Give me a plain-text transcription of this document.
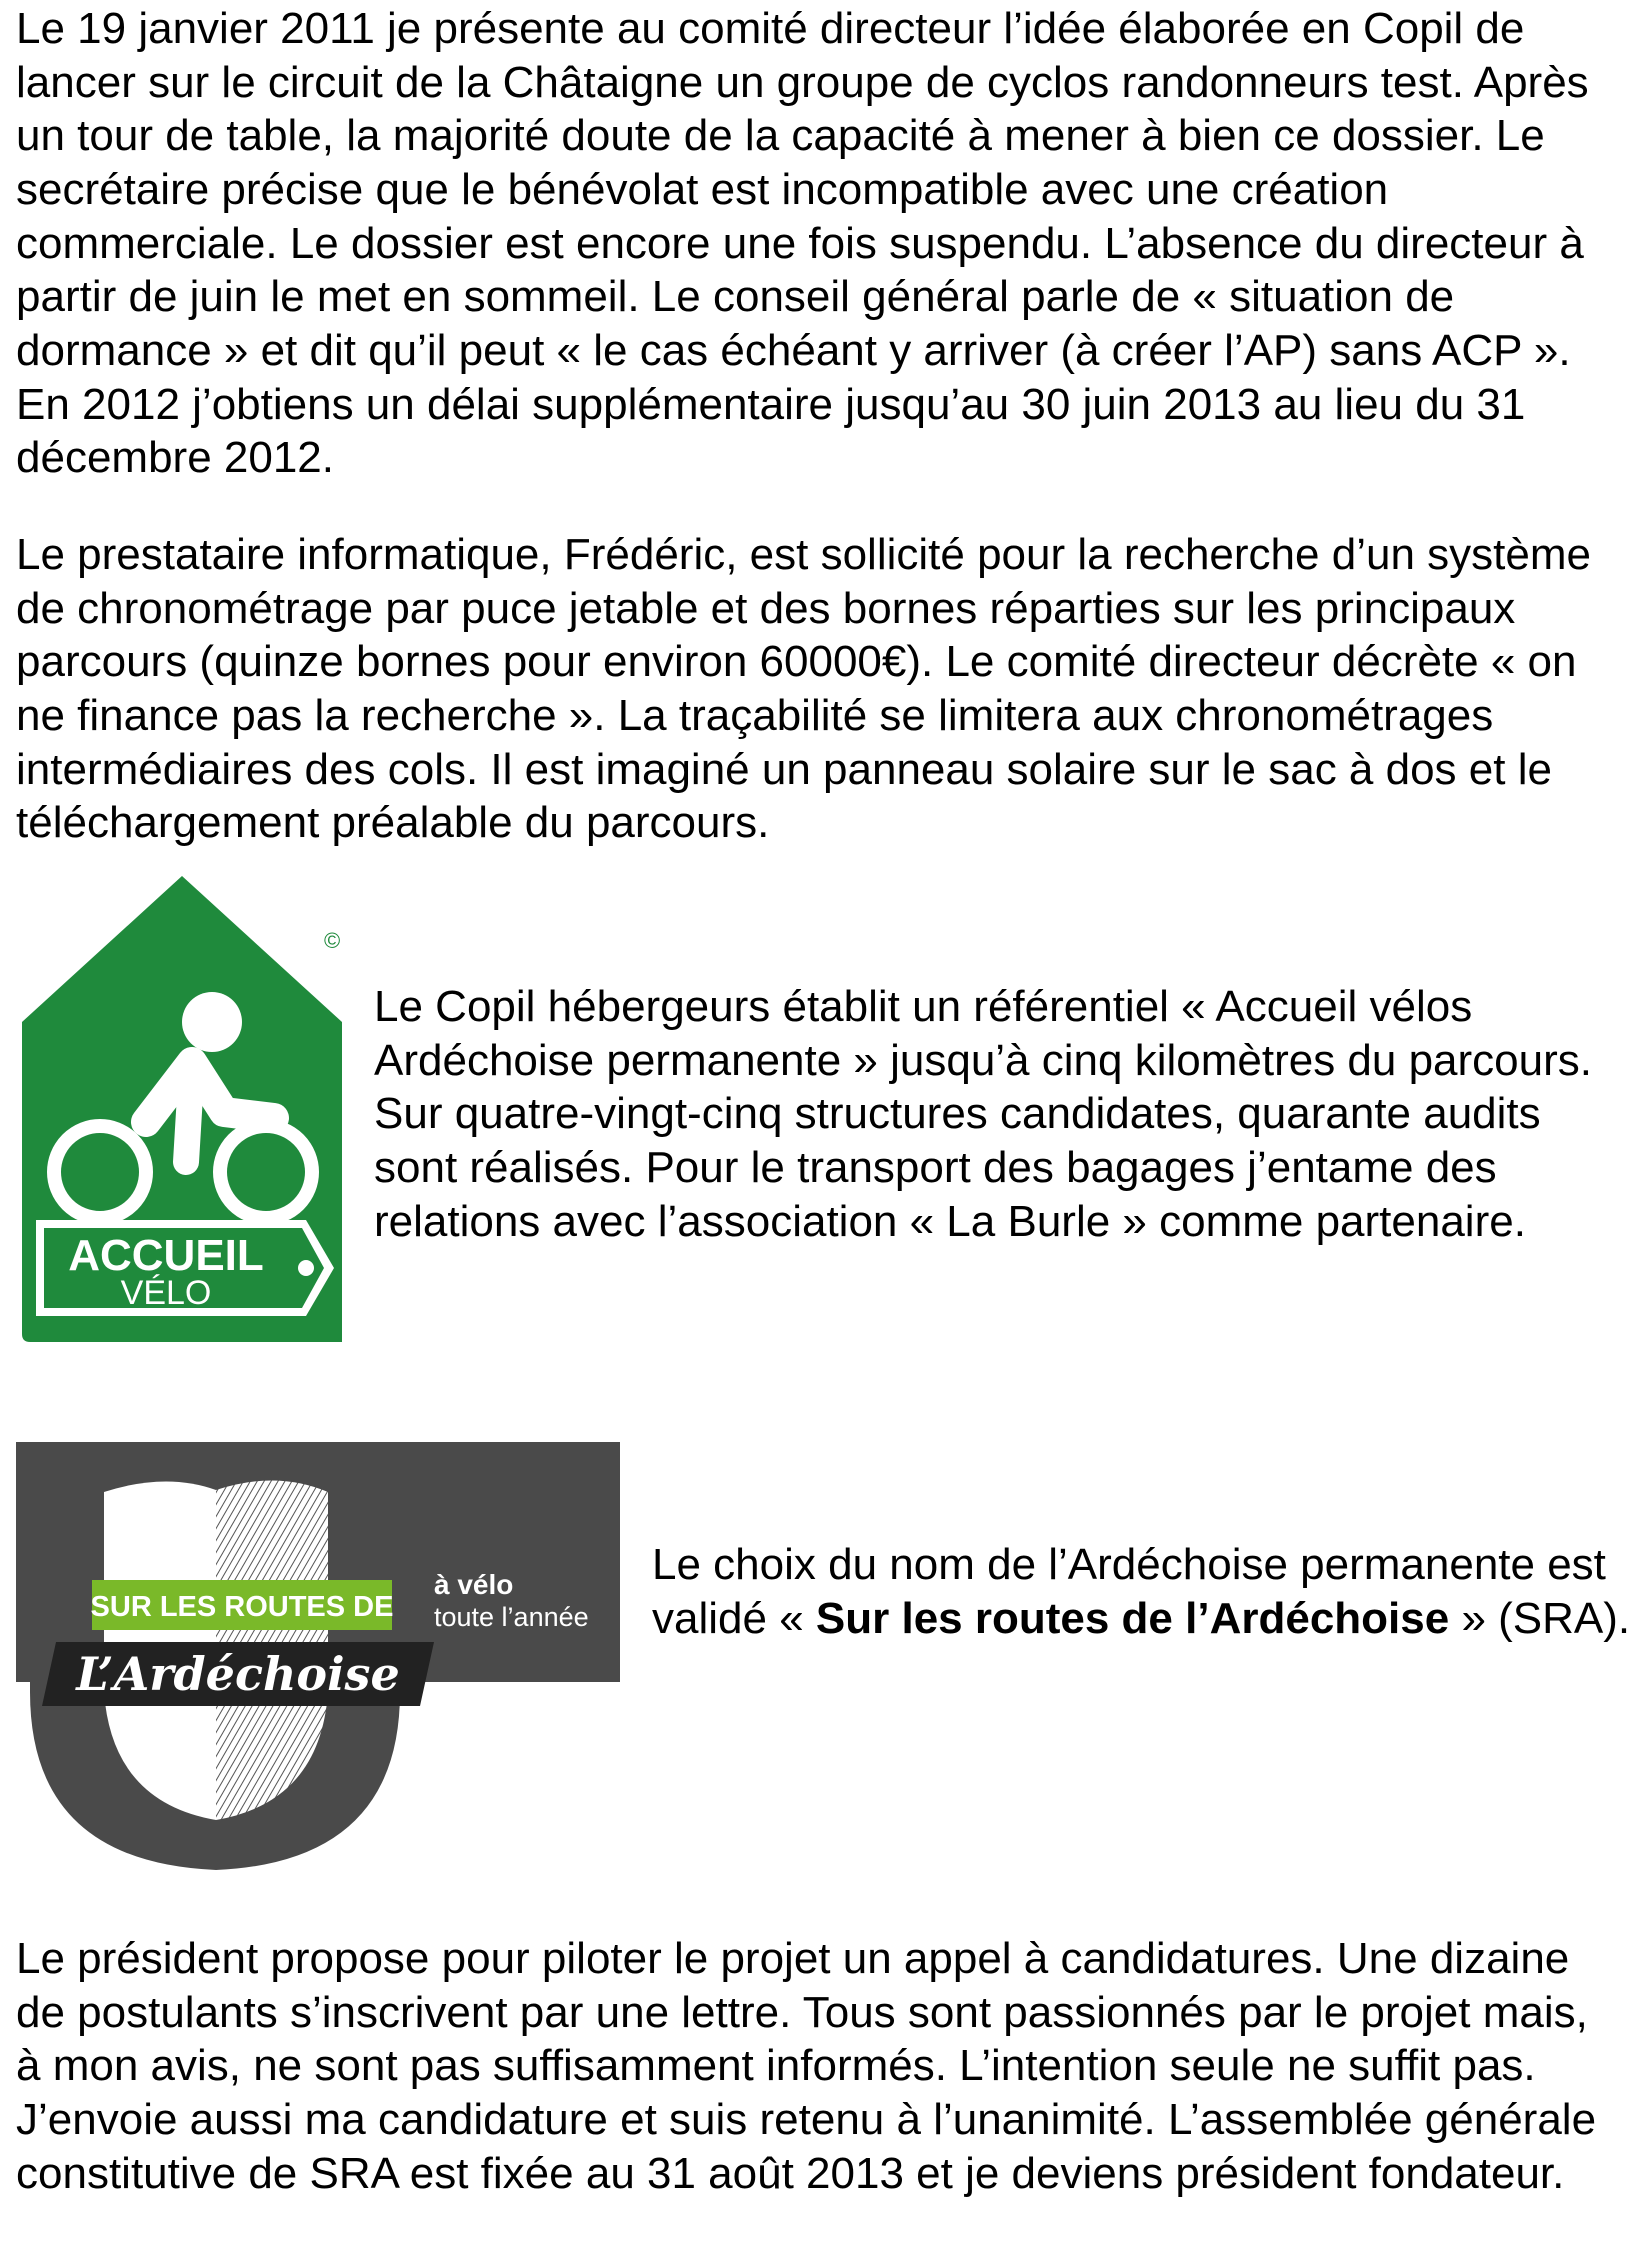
Le 19 janvier 2011 je présente au comité directeur l’idée élaborée en Copil de lancer sur le circuit de la Châtaigne un groupe de cyclos randonneurs test. Après un tour de table, la majorité doute de la capacité à mener à bien ce dossier. Le secrétaire précise que le bénévolat est incompatible avec une création commerciale. Le dossier est encore une fois suspendu. L’absence du directeur à partir de juin le met en sommeil. Le conseil général parle de « situation de dormance » et dit qu’il peut « le cas échéant y arriver (à créer l’AP) sans ACP ». En 2012 j’obtiens un délai supplémentaire jusqu’au 30 juin 2013 au lieu du 31 décembre 2012.

Le prestataire informatique, Frédéric, est sollicité pour la recherche d’un système de chronométrage par puce jetable et des bornes réparties sur les principaux parcours (quinze bornes pour environ 60000€). Le comité directeur décrète « on ne finance pas la recherche ». La traçabilité se limitera aux chronométrages intermédiaires des cols. Il est imaginé un panneau solaire sur le sac à dos et le téléchargement préalable du parcours.

©
ACCUEIL
VÉLO

Le Copil hébergeurs établit un référentiel « Accueil vélos Ardéchoise permanente » jusqu’à cinq kilomètres du parcours. Sur quatre-vingt-cinq structures candidates, quarante audits sont réalisés. Pour le transport des bagages j’entame des relations avec l’association « La Burle » comme partenaire.

SUR LES ROUTES DE
L’Ardéchoise
à vélo
toute l’année

Le choix du nom de l’Ardéchoise permanente est validé « Sur les routes de l’Ardéchoise » (SRA).

Le président propose pour piloter le projet un appel à candidatures. Une dizaine de postulants s’inscrivent par une lettre. Tous sont passionnés par le projet mais, à mon avis, ne sont pas suffisamment informés. L’intention seule ne suffit pas. J’envoie aussi ma candidature et suis retenu à l’unanimité. L’assemblée générale constitutive de SRA est fixée au 31 août 2013 et je deviens président fondateur.
